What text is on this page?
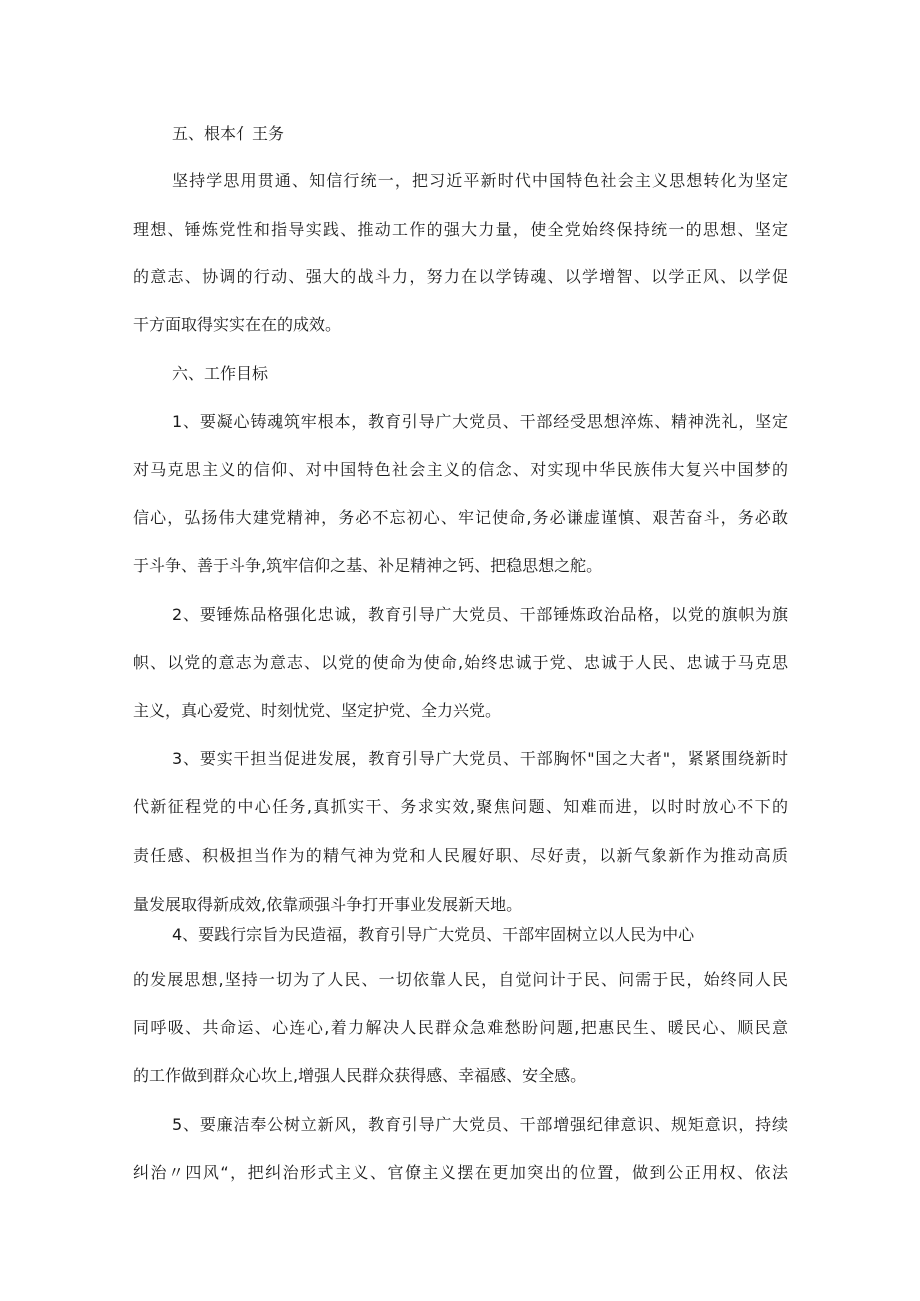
五、根本亻王务
坚持学思用贯通、知信行统一，把习近平新时代中国特色社会主义思想转化为坚定
理想、锤炼党性和指导实践、推动工作的强大力量，使全党始终保持统一的思想、坚定
的意志、协调的行动、强大的战斗力，努力在以学铸魂、以学增智、以学正风、以学促
干方面取得实实在在的成效。
六、工作目标
1、要凝心铸魂筑牢根本，教育引导广大党员、干部经受思想淬炼、精神洗礼，坚定
对马克思主义的信仰、对中国特色社会主义的信念、对实现中华民族伟大复兴中国梦的
信心，弘扬伟大建党精神，务必不忘初心、牢记使命,务必谦虚谨慎、艰苦奋斗，务必敢
于斗争、善于斗争,筑牢信仰之基、补足精神之钙、把稳思想之舵。
2、要锤炼品格强化忠诚，教育引导广大党员、干部锤炼政治品格，以党的旗帜为旗
帜、以党的意志为意志、以党的使命为使命,始终忠诚于党、忠诚于人民、忠诚于马克思
主义，真心爱党、时刻忧党、坚定护党、全力兴党。
3、要实干担当促进发展，教育引导广大党员、干部胸怀"国之大者"，紧紧围绕新时
代新征程党的中心任务,真抓实干、务求实效,聚焦问题、知难而进，以时时放心不下的
责任感、积极担当作为的精气神为党和人民履好职、尽好责，以新气象新作为推动高质
量发展取得新成效,依靠顽强斗争打开事业发展新天地。
4、要践行宗旨为民造福，教育引导广大党员、干部牢固树立以人民为中心
的发展思想,坚持一切为了人民、一切依靠人民，自觉问计于民、问需于民，始终同人民
同呼吸、共命运、心连心,着力解决人民群众急难愁盼问题,把惠民生、暖民心、顺民意
的工作做到群众心坎上,增强人民群众获得感、幸福感、安全感。
5、要廉洁奉公树立新风，教育引导广大党员、干部增强纪律意识、规矩意识，持续
纠治〃四风“，把纠治形式主义、官僚主义摆在更加突出的位置，做到公正用权、依法
